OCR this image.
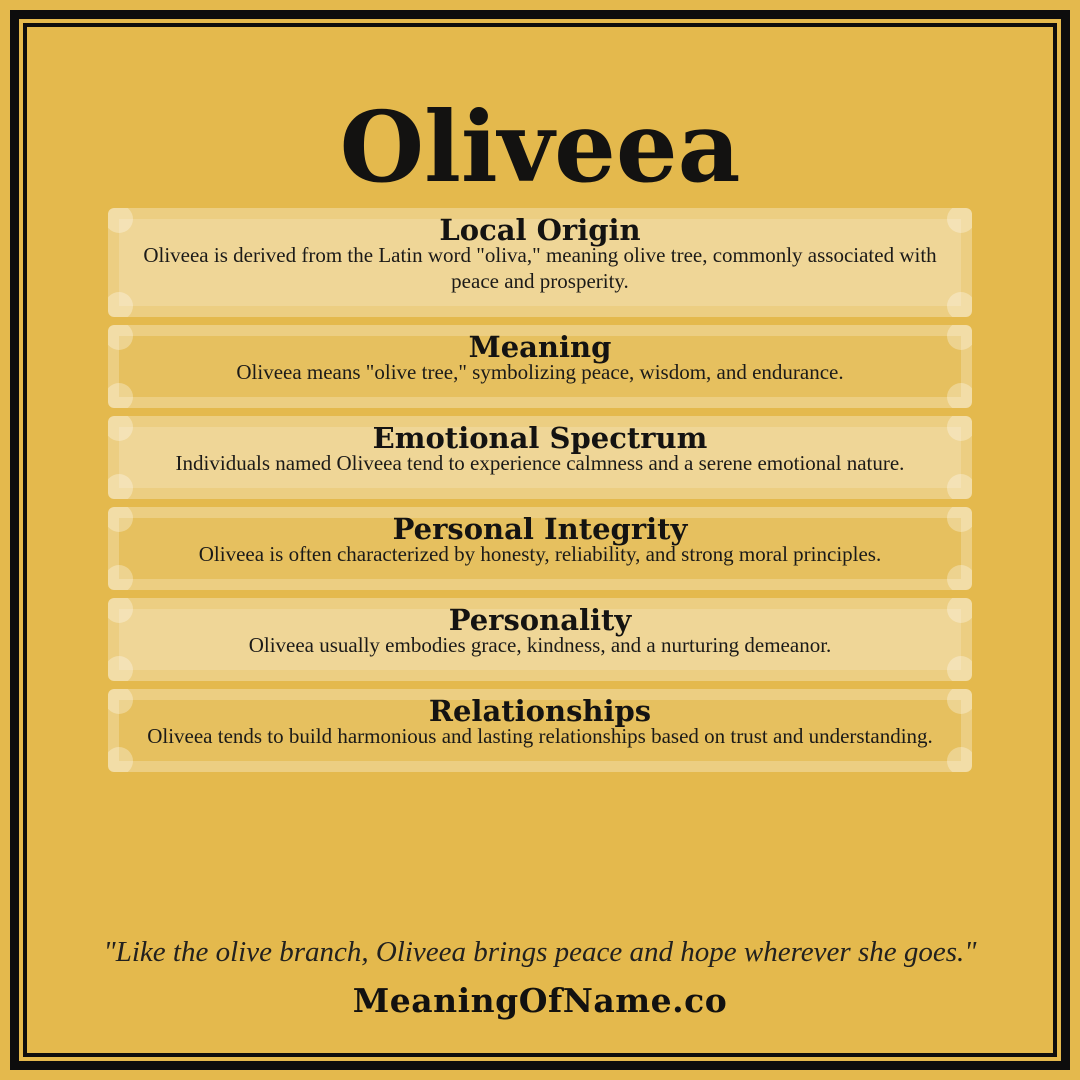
Oliveea
Local Origin

Oliveea is derived from the Latin word "oliva," meaning olive tree, commonly associated with peace and prosperity.

Meaning

Oliveea means "olive tree," symbolizing peace, wisdom, and endurance.

Emotional Spectrum

Individuals named Oliveea tend to experience calmness and a serene emotional nature.

Personal Integrity

Oliveea is often characterized by honesty, reliability, and strong moral principles.

Personality

Oliveea usually embodies grace, kindness, and a nurturing demeanor.

Relationships

Oliveea tends to build harmonious and lasting relationships based on trust and understanding.

"Like the olive branch, Oliveea brings peace and hope wherever she goes."
MeaningOfName.co
